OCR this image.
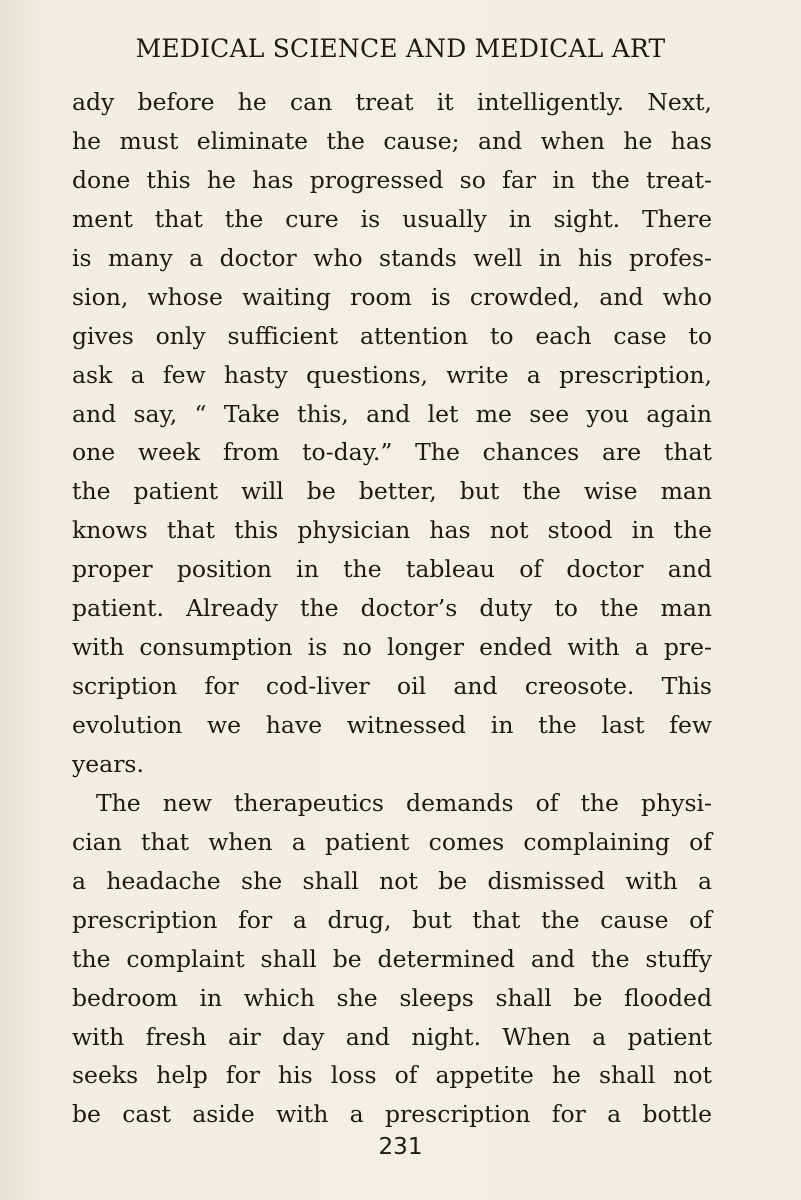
MEDICAL SCIENCE AND MEDICAL ART
ady before he can treat it intelligently. Next,
he must eliminate the cause; and when he has
done this he has progressed so far in the treat-
ment that the cure is usually in sight. There
is many a doctor who stands well in his profes-
sion, whose waiting room is crowded, and who
gives only sufficient attention to each case to
ask a few hasty questions, write a prescription,
and say, “ Take this, and let me see you again
one week from to-day.” The chances are that
the patient will be better, but the wise man
knows that this physician has not stood in the
proper position in the tableau of doctor and
patient. Already the doctor’s duty to the man
with consumption is no longer ended with a pre-
scription for cod-liver oil and creosote. This
evolution we have witnessed in the last few
years.
The new therapeutics demands of the physi-
cian that when a patient comes complaining of
a headache she shall not be dismissed with a
prescription for a drug, but that the cause of
the complaint shall be determined and the stuffy
bedroom in which she sleeps shall be flooded
with fresh air day and night. When a patient
seeks help for his loss of appetite he shall not
be cast aside with a prescription for a bottle
231
